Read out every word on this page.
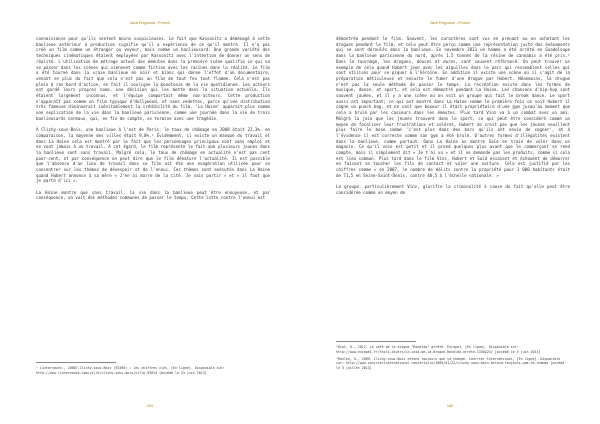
Jack Ferguson - French

connaissance pour qu'ils sentent moins suspicieuses. Le fait que Kassovitz a déménagé à cette banlieue antérieur à production signifie qu'il a expérience de ce qu'il montre. Il n'a pas créé un film comme un étranger ou voyeur, mais comme un banlieusard. Une grande variété des techniques cinématiques étaient employées par Kassovitz avec l'intention de donner un sens de réalité. L'utilisation de métrage actuel des émeutes dans la première scène qualifie ce qui va se passer dans les scènes qui viennent comme fiction avec les racines dans la réalité. Le film a été tourné dans la vraie banlieue en noir et blanc qui donne l'effet d'un documentaire, venant en plus du fait que cela n'est pas un film de tout feu tout flamme. Cela n'est pas plein à ras bord d'action, en fait il souligne la monotonie de la vie quotidienne. Les acteurs ont gardé leurs propres noms, une décision qui les mette dans la situation actuelle. Ils étaient largement inconnus, et l'équipe comportait même non-acteurs. Cette production n'apparaît pas comme un film typique d'Hollywood, et sans vedettes, parce qu'une distribution très fameuse diminuerait inévitablement la crédibilité du film. 'La Haine' apparaît plus comme une explication de la vie dans la banlieue parisienne, comme une journée dans la vie de trois banlieusards normaux, qui, en fin de compte, se termine avec une tragédie.

A Clichy-sous-Bois, une banlieue à l'est de Paris, le taux de chômage en 2008 était 22,3%, en comparaison, la moyenne des villes était 9,8%.¹ Évidemment, il existe un manque du travail et dans La Haine cela est montré par le fait que les personnages principaux sont sans emploi et ne vont jamais à un travail. A cet égard, le film représente le fait que plusieurs jeunes dans la banlieue sont sans travail. Malgré cela, le taux de chômage en actualité n'est pas cent pour-cent, et par conséquence on peut dire que le film dénature l'actualité. Il est possible que l'absence d'un lieu de travail dans ce film ait été une exagération utilisée pour se concentrer sur les thèmes de désespoir et de l'ennui. Ces thèmes sont exécutés dans La Haine quand Hubert annonce à sa mère « J'en ai marre de la cité. Je vais partir » et « il faut que je parte d'ici ».

La Haine montre que sans travail, la vie dans la banlieue peut être ennuyeuse, et par conséquence, on voit des méthodes communes de passer le temps. Cette lutte contre l'ennui est

¹ Linternaute., 2008?.Clichy-sous-Bois (93390) : les chiffres clés, [En ligne]. Disponible sur: http://www.linternaute.com/ville/clichy-sous-bois/ville-93014 [accédé le 23 juin 2013]

131
Jack Ferguson - French

démontrée pendant le film. Souvent, les caractères sont vus en prenant ou en achetant les drogues pendant le film, et cela peut être perçu comme une représentation juste des évènements qui se sont déroulés dans la banlieue. En novembre 2013 un homme a été arrêté en Guadeloupe dans la banlieue parisienne du nord, après 1,5 tonnes de la résine de cannabis a été pris.² Dans le tournage, les drogues, douces et dures, sont souvent référencé. On peut trouver un exemple de cela quand Hubert joue avec les aiguilles dans le parc qui ressemblent celles qui sont utilisés pour se piquer à l'héroïne. En addition il existe une scène où il s'agit de la préparation méticuleuse et ensuite le fumer d'une drogue par Hubert. Néanmoins, la drogue n'est pas la seule méthode de passer le temps. La recréation existe dans les formes de musique, danse, et sport, et cela est démontré pendant La Haine. Les chansons d'hip-hop sont souvent jouées, et il y a une scène où on voit un groupe qui fait le break dance. Le sport aussi est important; ce qui est montré dans La Haine comme le première fois on voit Hubert il cogne un punch bag, et on sait que boxeur il était propriétaire d'une gym jusqu'au moment que cela a brulé par les casseurs dans les émeutes. Plus tard Vinz va à un combat avec un ami. Malgré la joie que les jeunes trouvent dans le sport, ce qui peut être considéré comme un moyen de focaliser leur frustrations et colères, Hubert ne croit pas que les jeunes veuillent plus faire le boxe comme 'c'est plus dans des bars qu'ils ont envie de cogner', et à l'évidence il est correcte comme son gym a été brulé. D'autres formes d'illégalités existent dans la banlieue, comme partout. Dans La Haine on montre Saïd en train de voler dans un magasin. Ce qu'il voie est petit et il prend quelques plus avant que le commerçant se rend compte, mais il simplement dit « Je t'ai vu » et il ne demande pas les produits, comme si cela est lieu commun. Plus tard dans le film Vinz, Hubert et Saïd essaient et échouent de démarrer en faisant se toucher les fils de contact et voler une voiture. Cela est justifié par les chiffres comme « en 2007, le nombre de délits contre la propriété pour 1 000 habitants était de 71,5 en Seine-Saint-Denis, contre 40,5 à l'échelle nationale. »

Le groupe, particulièrement Vinz, glorifie la criminalité à cause du fait qu'elle peut être considérée comme un moyen de

²Diet, D., 2012. Le café de la drogue "Ronaldo" arrêté. Europe1, [En ligne]. Disponible sur: http://www.europe1.fr/Faits-divers/Le-caid-de-la-drogue-Ronaldo-arrete-1330223/ [accédé le 3 juin 2013]

³Ronlen, G., 2009. Clichy-sous-Bois attend toujours que ça change. Courrier International, [En ligne]. Disponible sur: http://www.courrierinternational.com/article/2009/01/22/clichy-sous-bois-attend-toujours-que-ca-change [accédé le 3 juillet 2013]

132
